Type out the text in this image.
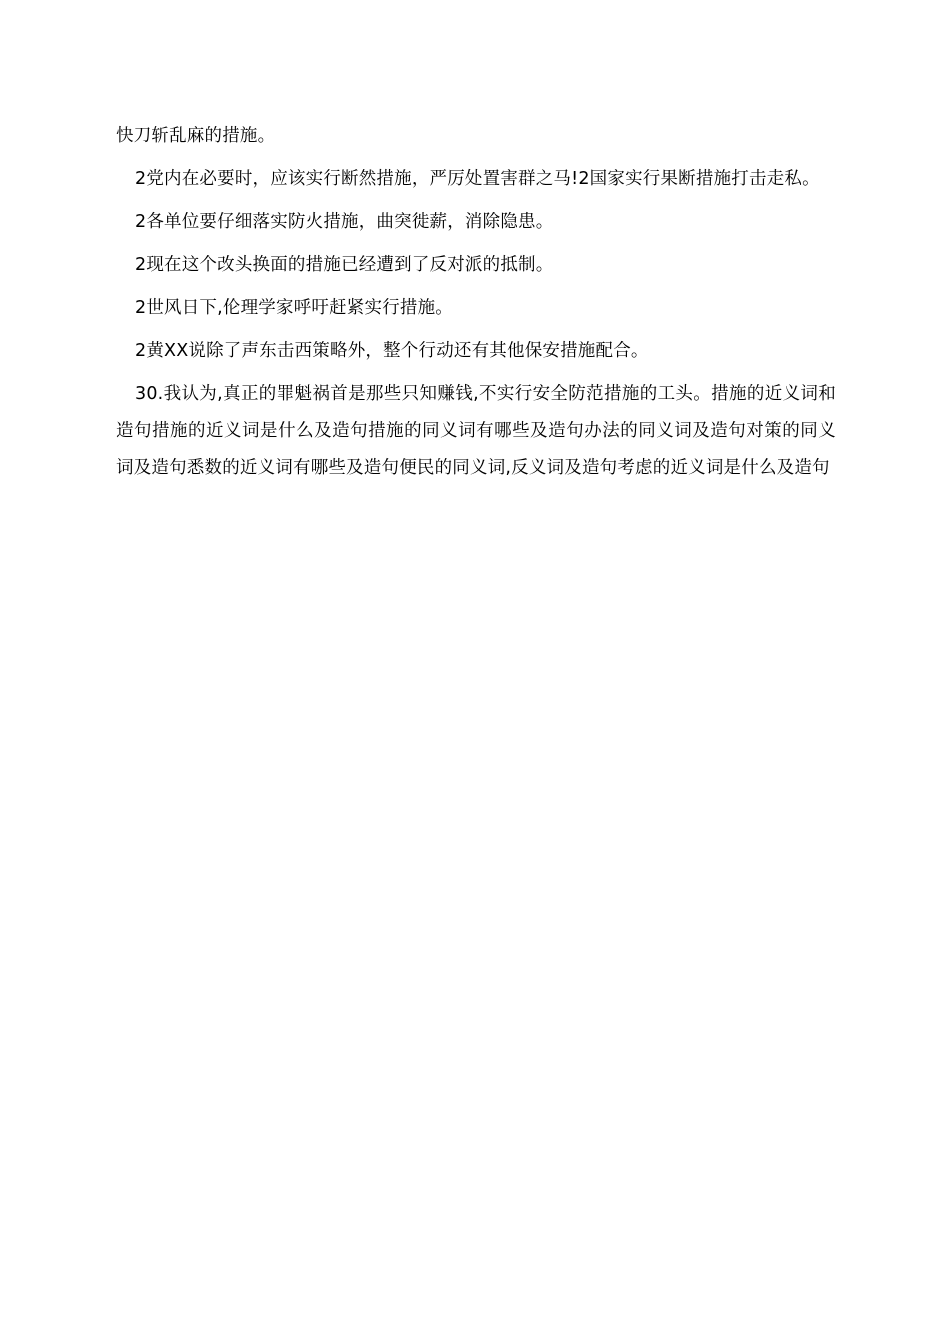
快刀斩乱麻的措施。

2党内在必要时，应该实行断然措施，严厉处置害群之马!2国家实行果断措施打击走私。

2各单位要仔细落实防火措施，曲突徙薪，消除隐患。

2现在这个改头换面的措施已经遭到了反对派的抵制。

2世风日下,伦理学家呼吁赶紧实行措施。

2黄XX说除了声东击西策略外，整个行动还有其他保安措施配合。

30.我认为,真正的罪魁祸首是那些只知赚钱,不实行安全防范措施的工头。措施的近义词和造句措施的近义词是什么及造句措施的同义词有哪些及造句办法的同义词及造句对策的同义词及造句悉数的近义词有哪些及造句便民的同义词,反义词及造句考虑的近义词是什么及造句
